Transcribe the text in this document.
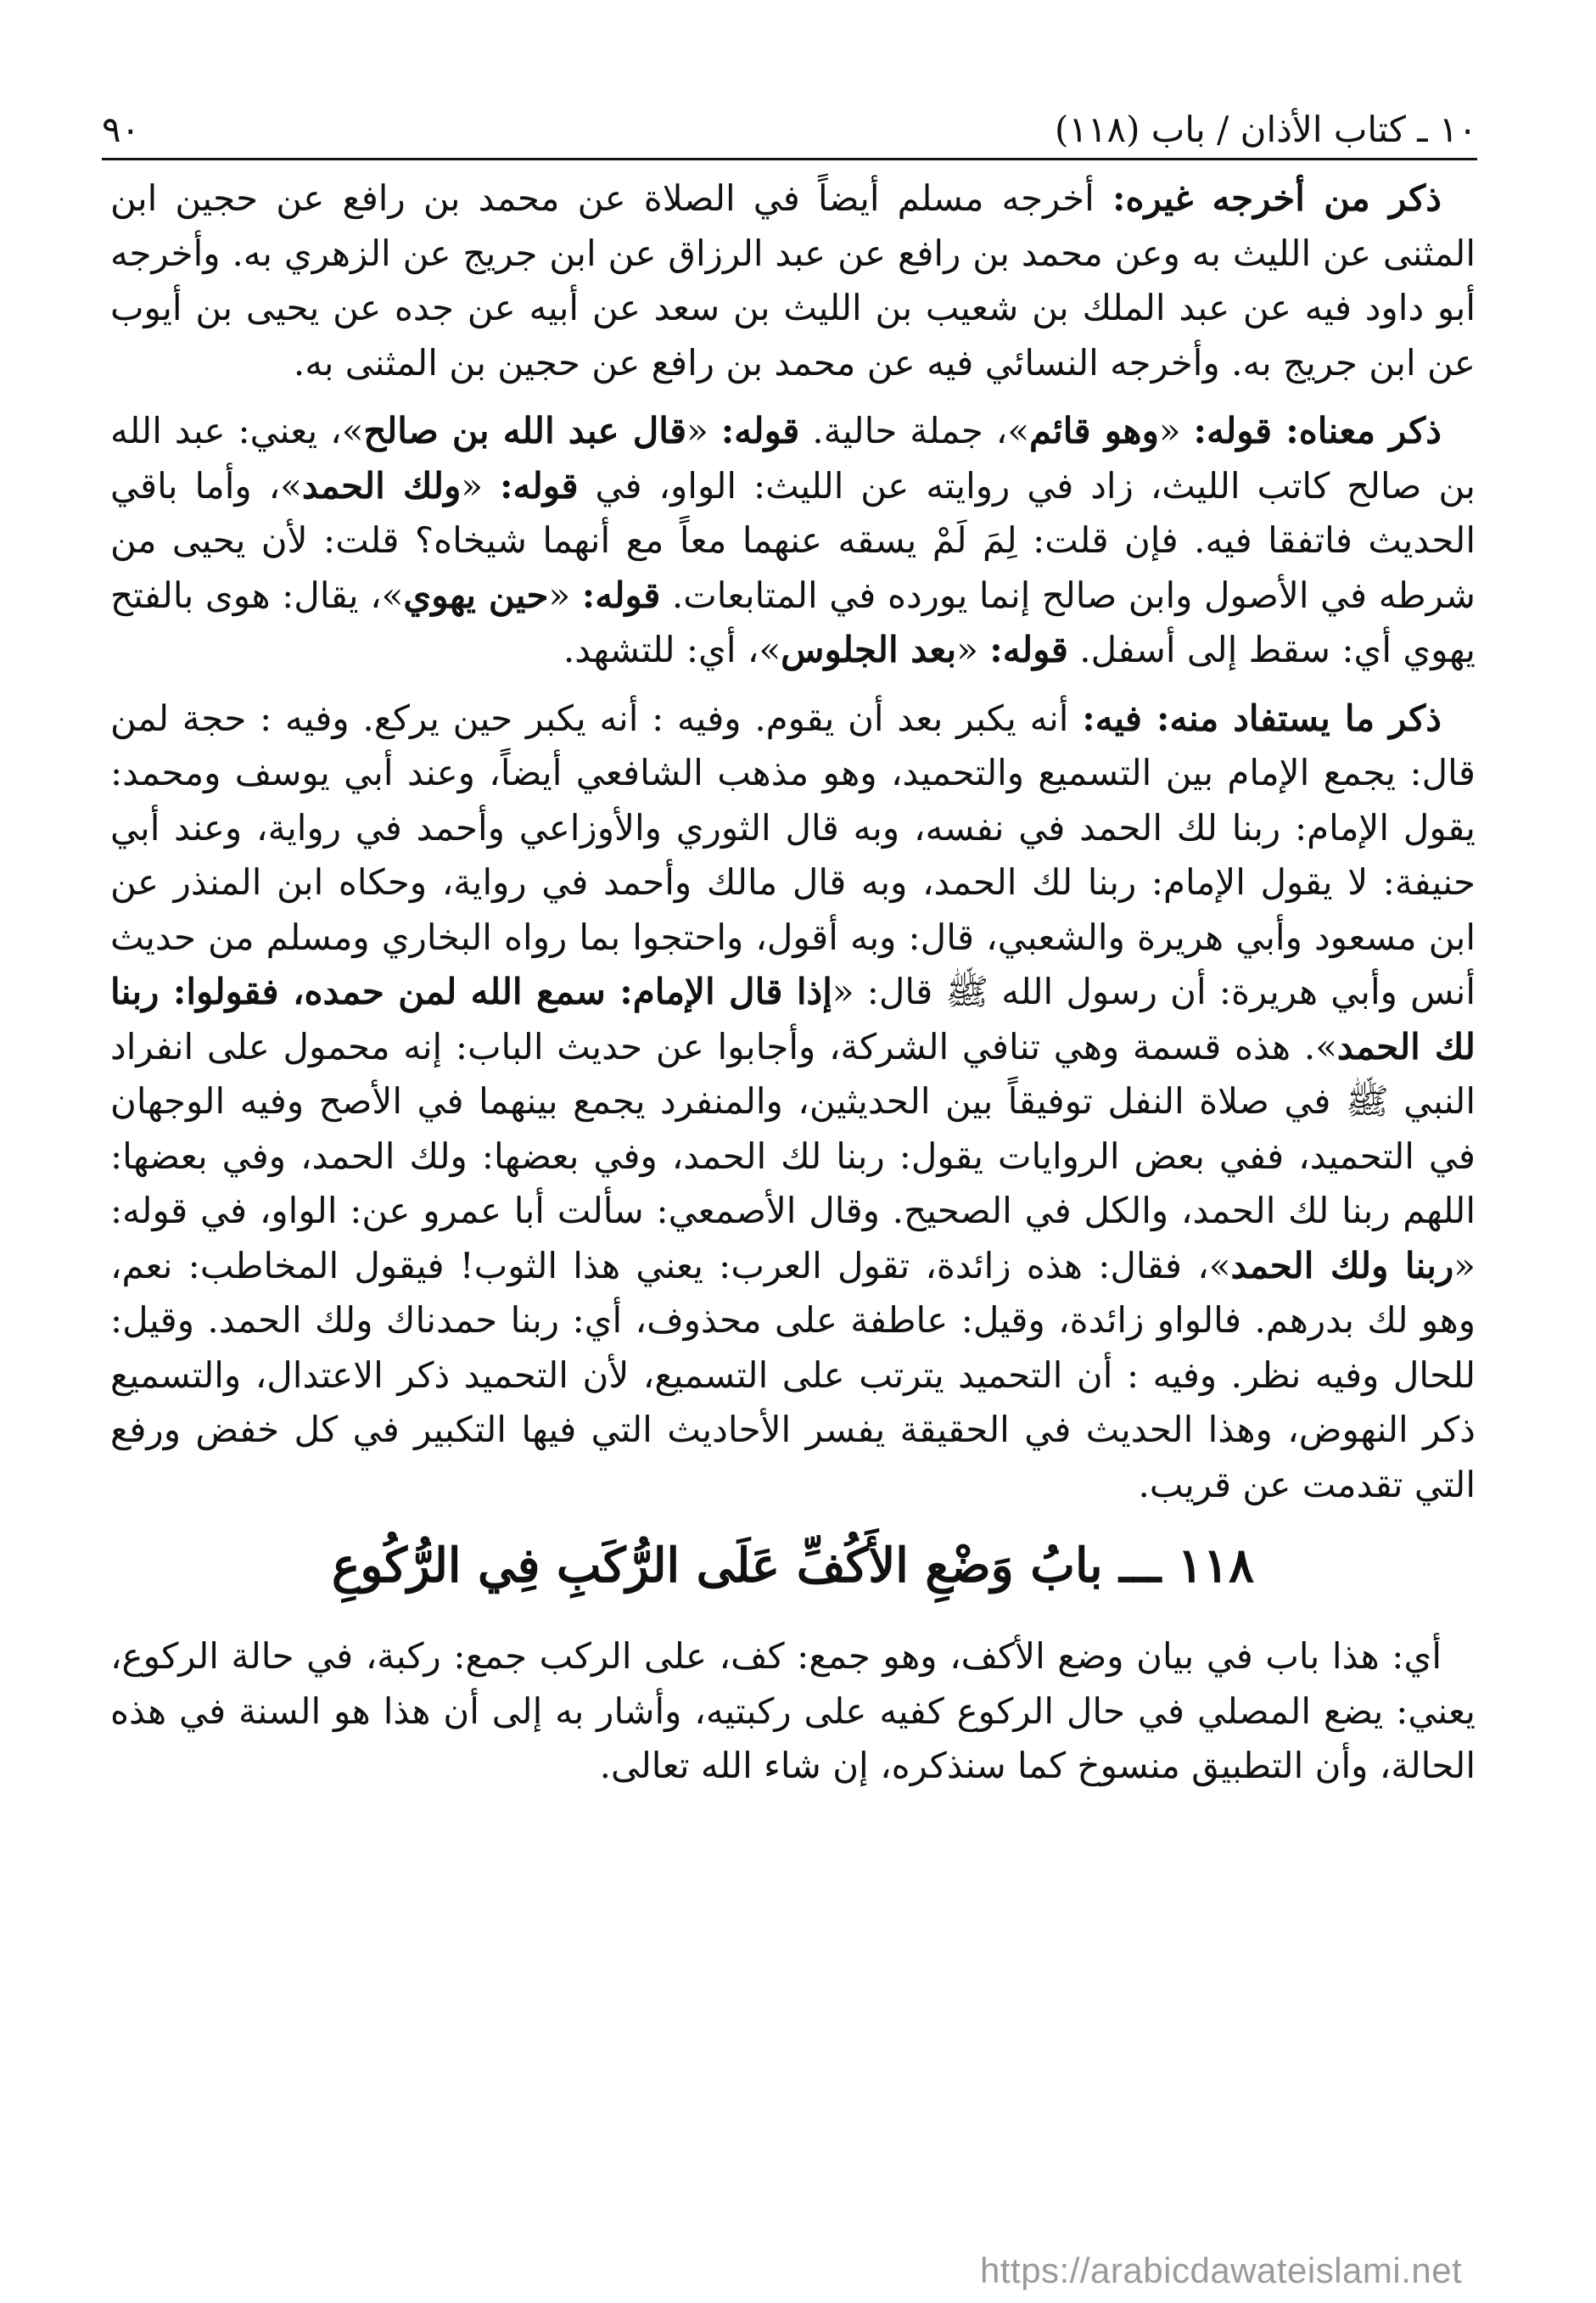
٩٠	١٠ ـ كتاب الأذان / باب (١١٨)

ذكر من أخرجه غيره: أخرجه مسلم أيضاً في الصلاة عن محمد بن رافع عن حجين ابن المثنى عن الليث به وعن محمد بن رافع عن عبد الرزاق عن ابن جريج عن الزهري به. وأخرجه أبو داود فيه عن عبد الملك بن شعيب بن الليث بن سعد عن أبيه عن جده عن يحيى بن أيوب عن ابن جريج به. وأخرجه النسائي فيه عن محمد بن رافع عن حجين بن المثنى به.

ذكر معناه: قوله: «وهو قائم»، جملة حالية. قوله: «قال عبد الله بن صالح»، يعني: عبد الله بن صالح كاتب الليث، زاد في روايته عن الليث: الواو، في قوله: «ولك الحمد»، وأما باقي الحديث فاتفقا فيه. فإن قلت: لِمَ لَمْ يسقه عنهما معاً مع أنهما شيخاه؟ قلت: لأن يحيى من شرطه في الأصول وابن صالح إنما يورده في المتابعات. قوله: «حين يهوي»، يقال: هوى بالفتح يهوي أي: سقط إلى أسفل. قوله: «بعد الجلوس»، أي: للتشهد.

ذكر ما يستفاد منه: فيه: أنه يكبر بعد أن يقوم. وفيه : أنه يكبر حين يركع. وفيه : حجة لمن قال: يجمع الإمام بين التسميع والتحميد، وهو مذهب الشافعي أيضاً، وعند أبي يوسف ومحمد: يقول الإمام: ربنا لك الحمد في نفسه، وبه قال الثوري والأوزاعي وأحمد في رواية، وعند أبي حنيفة: لا يقول الإمام: ربنا لك الحمد، وبه قال مالك وأحمد في رواية، وحكاه ابن المنذر عن ابن مسعود وأبي هريرة والشعبي، قال: وبه أقول، واحتجوا بما رواه البخاري ومسلم من حديث أنس وأبي هريرة: أن رسول الله ﷺ قال: «إذا قال الإمام: سمع الله لمن حمده، فقولوا: ربنا لك الحمد». هذه قسمة وهي تنافي الشركة، وأجابوا عن حديث الباب: إنه محمول على انفراد النبي ﷺ في صلاة النفل توفيقاً بين الحديثين، والمنفرد يجمع بينهما في الأصح وفيه الوجهان في التحميد، ففي بعض الروايات يقول: ربنا لك الحمد، وفي بعضها: ولك الحمد، وفي بعضها: اللهم ربنا لك الحمد، والكل في الصحيح. وقال الأصمعي: سألت أبا عمرو عن: الواو، في قوله: «ربنا ولك الحمد»، فقال: هذه زائدة، تقول العرب: يعني هذا الثوب! فيقول المخاطب: نعم، وهو لك بدرهم. فالواو زائدة، وقيل: عاطفة على محذوف، أي: ربنا حمدناك ولك الحمد. وقيل: للحال وفيه نظر. وفيه : أن التحميد يترتب على التسميع، لأن التحميد ذكر الاعتدال، والتسميع ذكر النهوض، وهذا الحديث في الحقيقة يفسر الأحاديث التي فيها التكبير في كل خفض ورفع التي تقدمت عن قريب.

١١٨ ـــ بابُ وَضْعِ الأَكُفِّ عَلَى الرُّكَبِ فِي الرُّكُوعِ

أي: هذا باب في بيان وضع الأكف، وهو جمع: كف، على الركب جمع: ركبة، في حالة الركوع، يعني: يضع المصلي في حال الركوع كفيه على ركبتيه، وأشار به إلى أن هذا هو السنة في هذه الحالة، وأن التطبيق منسوخ كما سنذكره، إن شاء الله تعالى.

https://arabicdawateislami.net
